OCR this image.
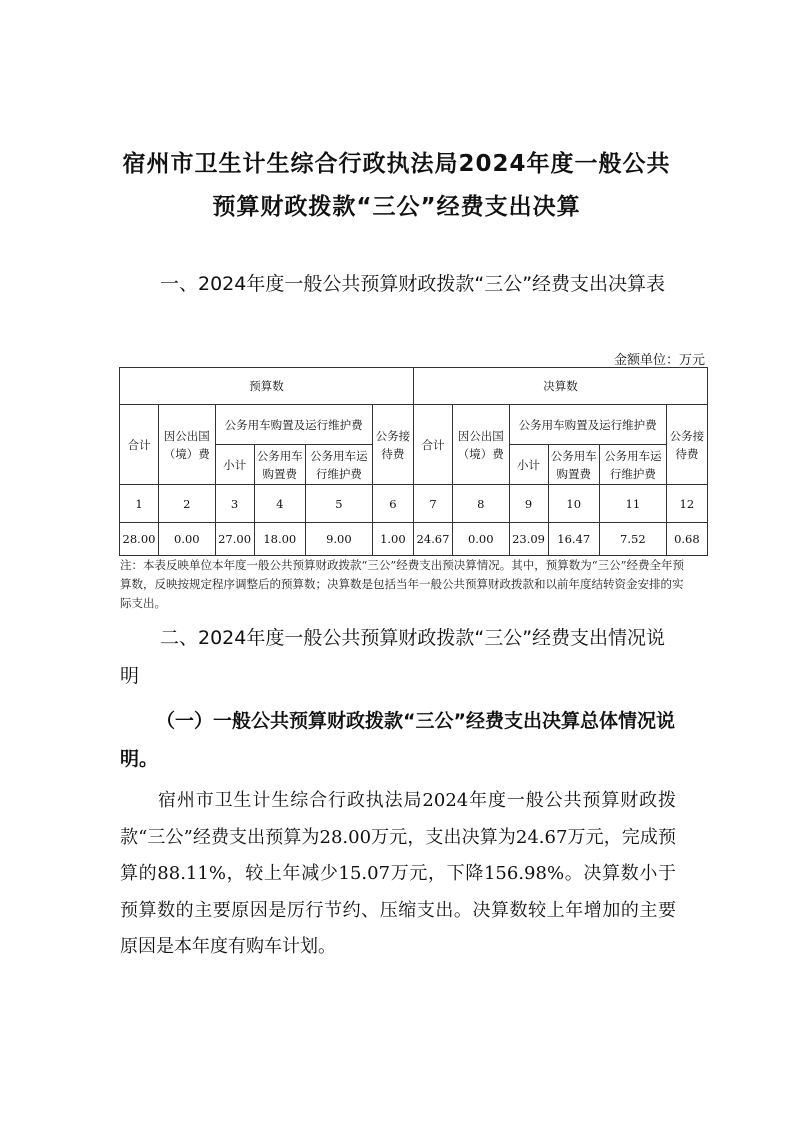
宿州市卫生计生综合行政执法局2024年度一般公共
预算财政拨款“三公”经费支出决算

一、2024年度一般公共预算财政拨款“三公”经费支出决算表

金额单位：万元
预算数						决算数					
合计	因公出国（境）费	公务用车购置及运行维护费			公务接待费	合计	因公出国（境）费	公务用车购置及运行维护费			公务接待费
		小计	公务用车购置费	公务用车运行维护费				小计	公务用车购置费	公务用车运行维护费	
1	2	3	4	5	6	7	8	9	10	11	12
28.00	0.00	27.00	18.00	9.00	1.00	24.67	0.00	23.09	16.47	7.52	0.68
注：本表反映单位本年度一般公共预算财政拨款“三公”经费支出预决算情况。其中，预算数为“三公”经费全年预算数，反映按规定程序调整后的预算数；决算数是包括当年一般公共预算财政拨款和以前年度结转资金安排的实际支出。

二、2024年度一般公共预算财政拨款“三公”经费支出情况说明

（一）一般公共预算财政拨款“三公”经费支出决算总体情况说明。
宿州市卫生计生综合行政执法局2024年度一般公共预算财政拨款“三公”经费支出预算为28.00万元，支出决算为24.67万元，完成预算的88.11%，较上年减少15.07万元，下降156.98%。决算数小于预算数的主要原因是厉行节约、压缩支出。决算数较上年增加的主要原因是本年度有购车计划。
